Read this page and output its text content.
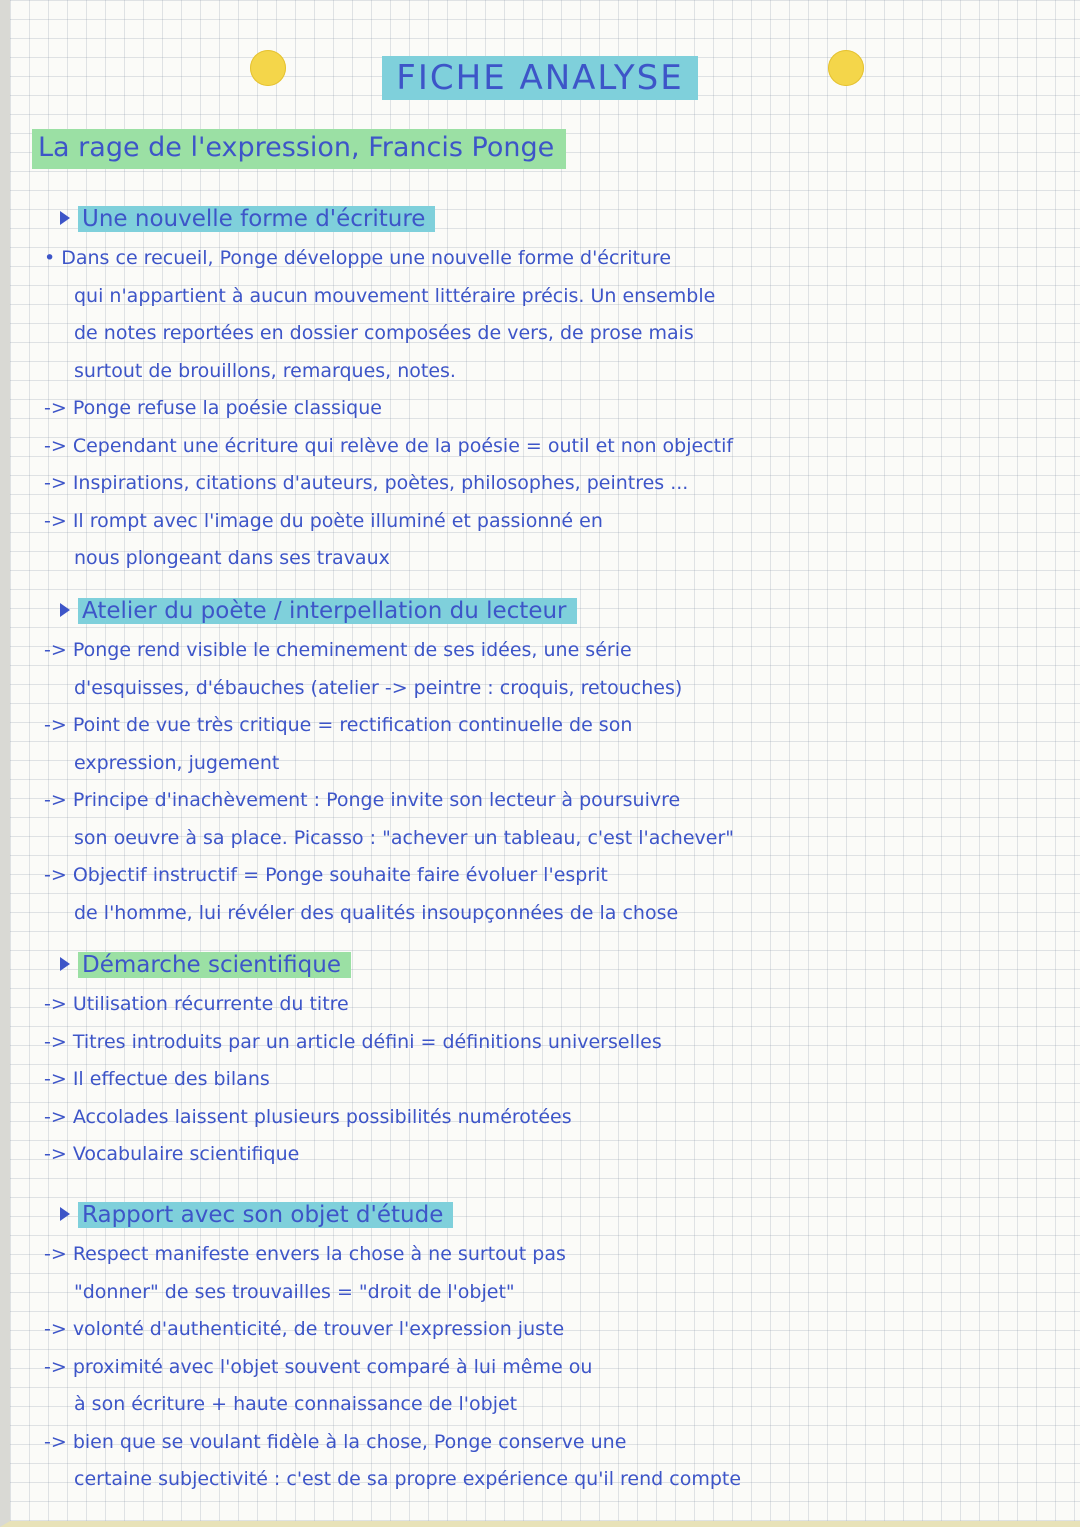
FICHE ANALYSE
La rage de l'expression, Francis Ponge
Une nouvelle forme d'écriture
• Dans ce recueil, Ponge développe une nouvelle forme d'écriture
qui n'appartient à aucun mouvement littéraire précis. Un ensemble
de notes reportées en dossier composées de vers, de prose mais
surtout de brouillons, remarques, notes.
-> Ponge refuse la poésie classique
-> Cependant une écriture qui relève de la poésie = outil et non objectif
-> Inspirations, citations d'auteurs, poètes, philosophes, peintres ...
-> Il rompt avec l'image du poète illuminé et passionné en
nous plongeant dans ses travaux
Atelier du poète / interpellation du lecteur
-> Ponge rend visible le cheminement de ses idées, une série
d'esquisses, d'ébauches (atelier -> peintre : croquis, retouches)
-> Point de vue très critique = rectification continuelle de son
expression, jugement
-> Principe d'inachèvement : Ponge invite son lecteur à poursuivre
son oeuvre à sa place. Picasso : "achever un tableau, c'est l'achever"
-> Objectif instructif = Ponge souhaite faire évoluer l'esprit
de l'homme, lui révéler des qualités insoupçonnées de la chose
Démarche scientifique
-> Utilisation récurrente du titre
-> Titres introduits par un article défini = définitions universelles
-> Il effectue des bilans
-> Accolades laissent plusieurs possibilités numérotées
-> Vocabulaire scientifique
Rapport avec son objet d'étude
-> Respect manifeste envers la chose à ne surtout pas
"donner" de ses trouvailles = "droit de l'objet"
-> volonté d'authenticité, de trouver l'expression juste
-> proximité avec l'objet souvent comparé à lui même ou
à son écriture + haute connaissance de l'objet
-> bien que se voulant fidèle à la chose, Ponge conserve une
certaine subjectivité : c'est de sa propre expérience qu'il rend compte
